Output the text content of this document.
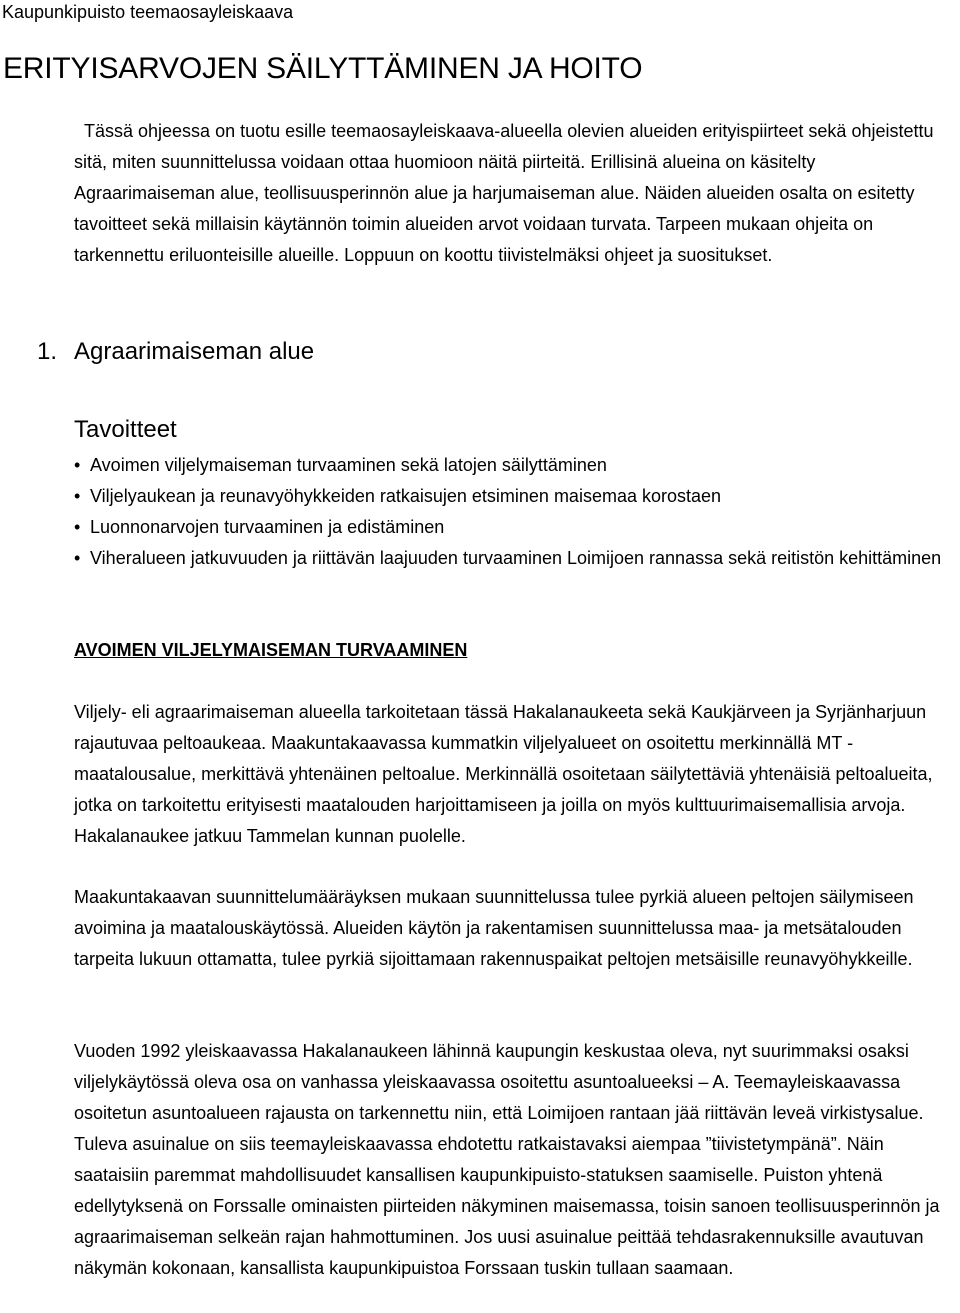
Kaupunkipuisto teemaosayleiskaava
ERITYISARVOJEN SÄILYTTÄMINEN JA HOITO

Tässä ohjeessa on tuotu esille teemaosayleiskaava-alueella olevien alueiden erityispiirteet sekä ohjeistettu sitä, miten suunnittelussa voidaan ottaa huomioon näitä piirteitä. Erillisinä alueina on käsitelty Agraarimaiseman alue, teollisuusperinnön alue ja harjumaiseman alue. Näiden alueiden osalta on esitetty tavoitteet sekä millaisin käytännön toimin alueiden arvot voidaan turvata. Tarpeen mukaan ohjeita on tarkennettu eriluonteisille alueille. Loppuun on koottu tiivistelmäksi ohjeet ja suositukset.

1. Agraarimaiseman alue
Tavoitteet
• Avoimen viljelymaiseman turvaaminen sekä latojen säilyttäminen
• Viljelyaukean ja reunavyöhykkeiden ratkaisujen etsiminen maisemaa korostaen
• Luonnonarvojen turvaaminen ja edistäminen
• Viheralueen jatkuvuuden ja riittävän laajuuden turvaaminen Loimijoen rannassa sekä reitistön kehittäminen
AVOIMEN VILJELYMAISEMAN TURVAAMINEN

Viljely- eli agraarimaiseman alueella tarkoitetaan tässä Hakalanaukeeta sekä Kaukjärveen ja Syrjänharjuun rajautuvaa peltoaukeaa. Maakuntakaavassa kummatkin viljelyalueet on osoitettu merkinnällä MT - maatalousalue, merkittävä yhtenäinen peltoalue. Merkinnällä osoitetaan säilytettäviä yhtenäisiä peltoalueita, jotka on tarkoitettu erityisesti maatalouden harjoittamiseen ja joilla on myös kulttuurimaisemallisia arvoja. Hakalanaukee jatkuu Tammelan kunnan puolelle.

Maakuntakaavan suunnittelumääräyksen mukaan suunnittelussa tulee pyrkiä alueen peltojen säilymiseen avoimina ja maatalouskäytössä. Alueiden käytön ja rakentamisen suunnittelussa maa- ja metsätalouden tarpeita lukuun ottamatta, tulee pyrkiä sijoittamaan rakennuspaikat peltojen metsäisille reunavyöhykkeille.

Vuoden 1992 yleiskaavassa Hakalanaukeen lähinnä kaupungin keskustaa oleva, nyt suurimmaksi osaksi viljelykäytössä oleva osa on vanhassa yleiskaavassa osoitettu asuntoalueeksi – A. Teemayleiskaavassa osoitetun asuntoalueen rajausta on tarkennettu niin, että Loimijoen rantaan jää riittävän leveä virkistysalue. Tuleva asuinalue on siis teemayleiskaavassa ehdotettu ratkaistavaksi aiempaa ”tiivistetympänä”. Näin saataisiin paremmat mahdollisuudet kansallisen kaupunkipuisto-statuksen saamiselle. Puiston yhtenä edellytyksenä on Forssalle ominaisten piirteiden näkyminen maisemassa, toisin sanoen teollisuusperinnön ja agraarimaiseman selkeän rajan hahmottuminen. Jos uusi asuinalue peittää tehdasrakennuksille avautuvan näkymän kokonaan, kansallista kaupunkipuistoa Forssaan tuskin tullaan saamaan.
